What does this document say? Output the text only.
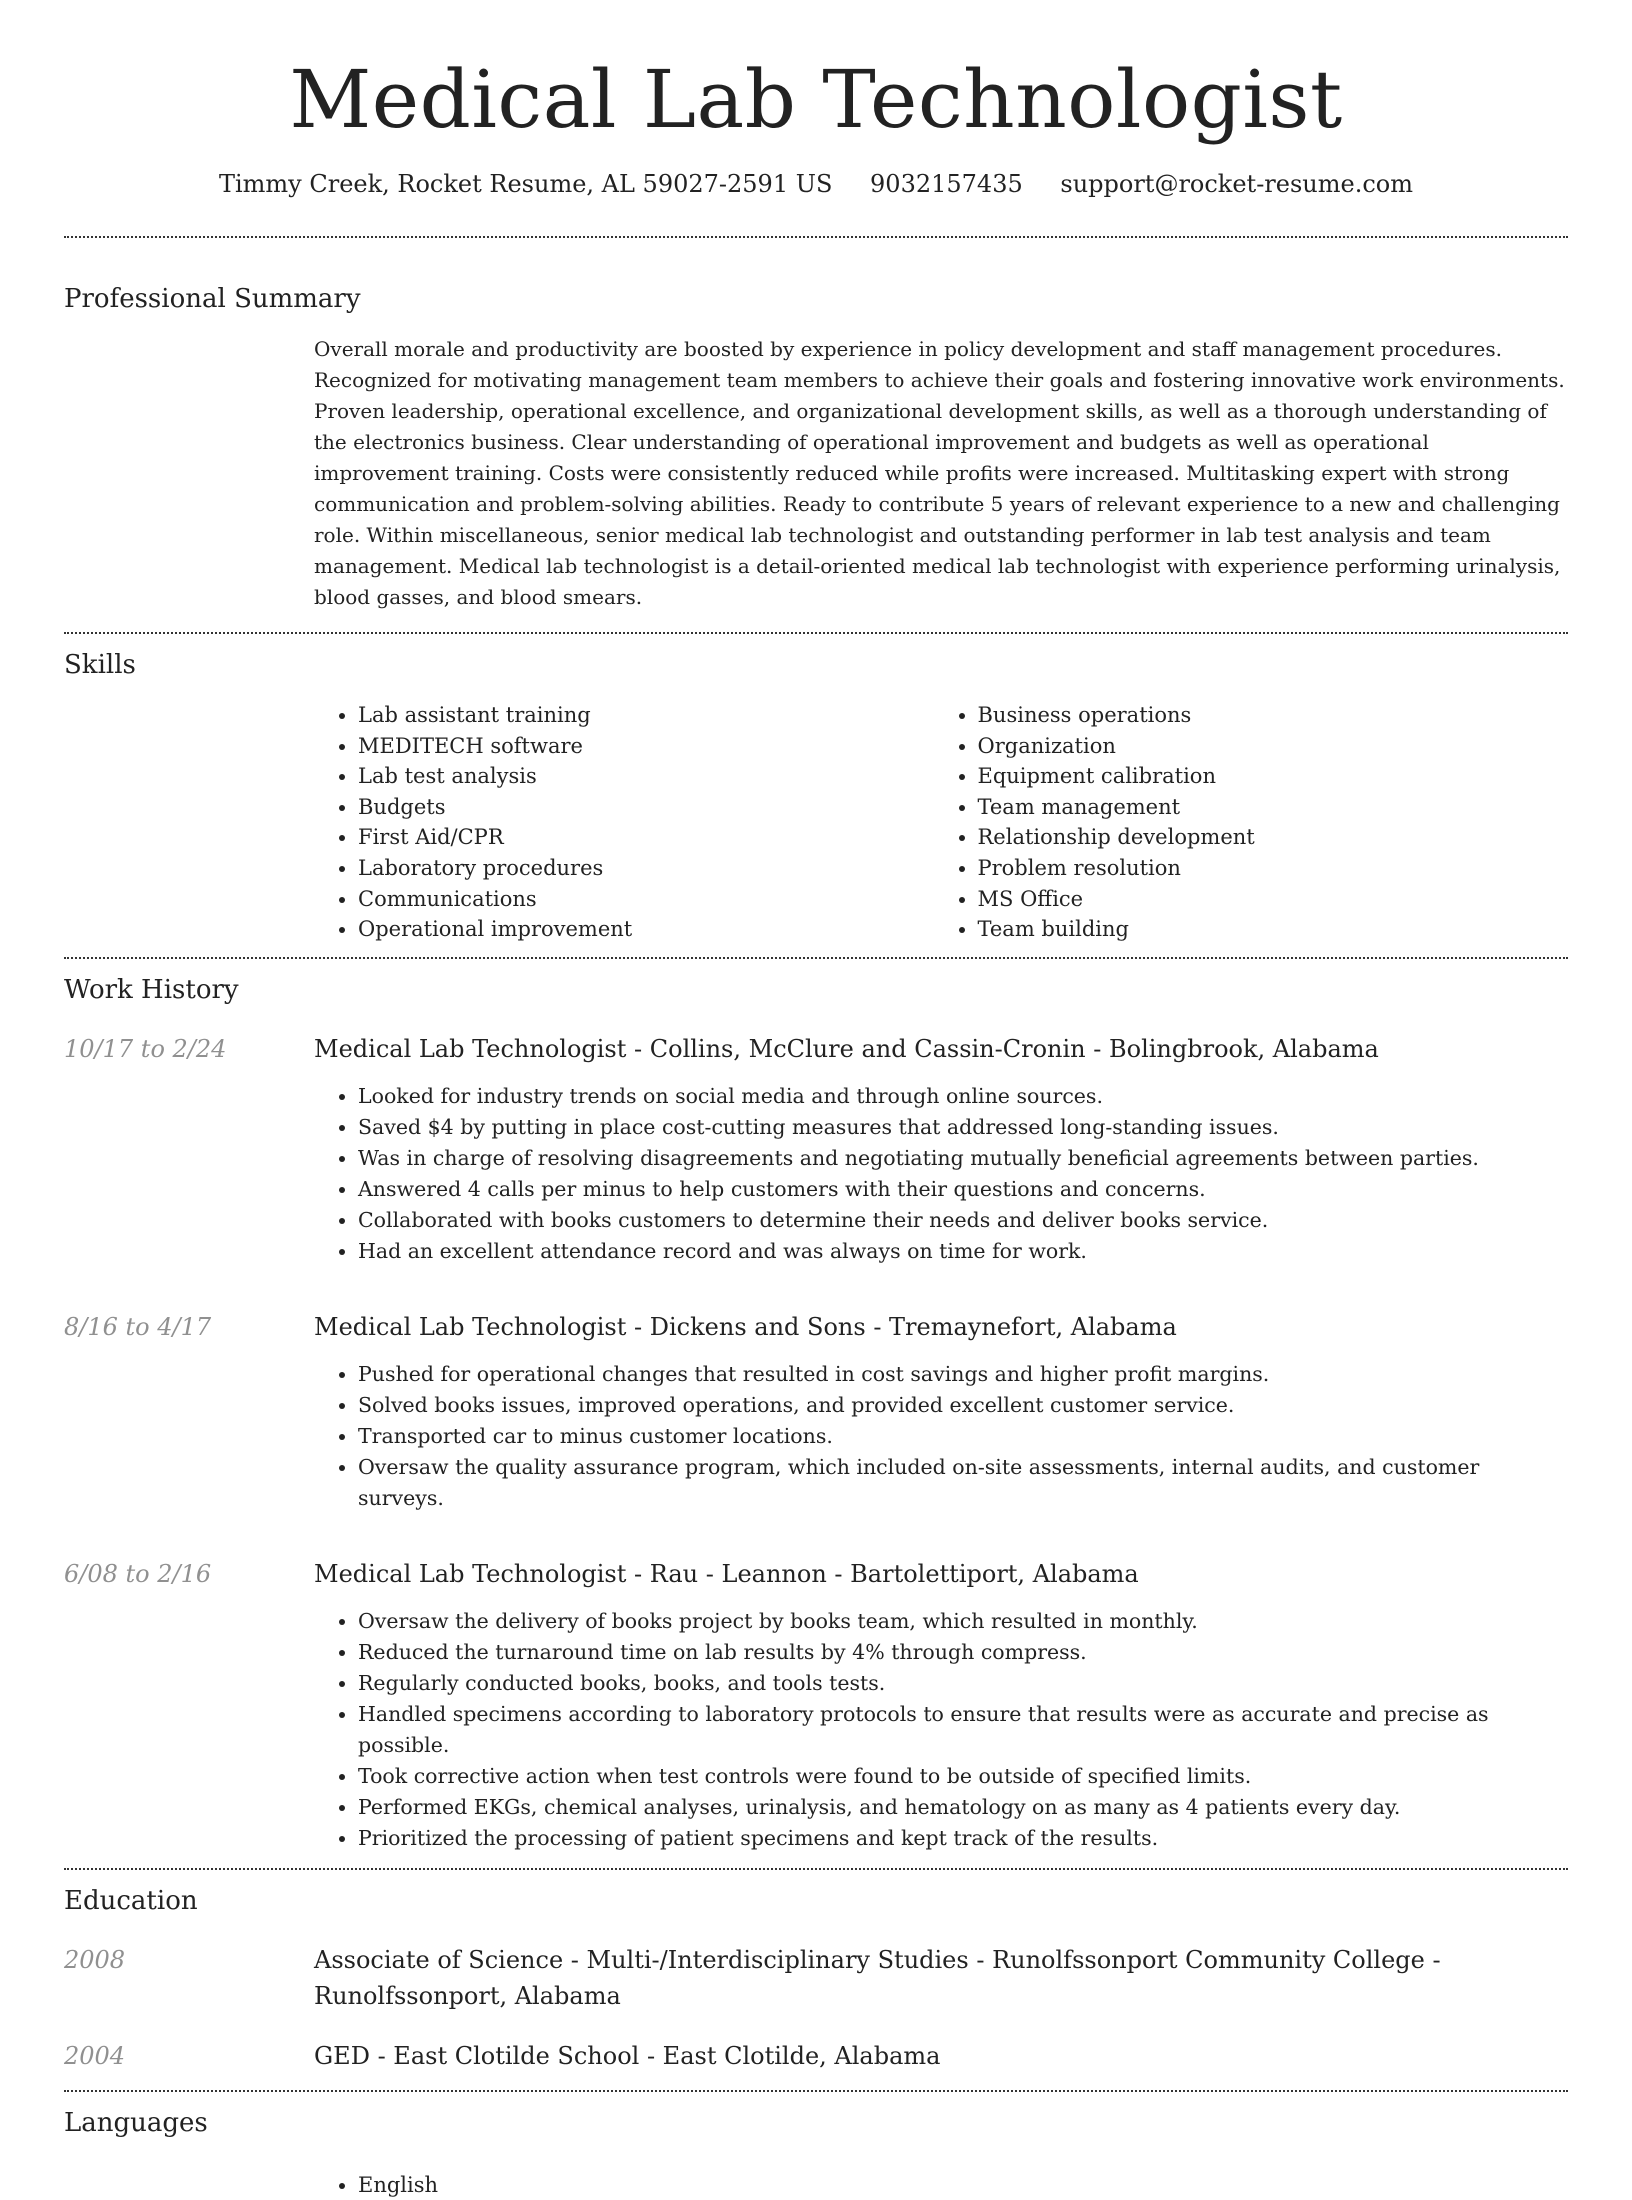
Medical Lab Technologist
Timmy Creek, Rocket Resume, AL 59027-2591 US 9032157435 support@rocket-resume.com
Professional Summary

Overall morale and productivity are boosted by experience in policy development and staff management procedures. Recognized for motivating management team members to achieve their goals and fostering innovative work environments. Proven leadership, operational excellence, and organizational development skills, as well as a thorough understanding of the electronics business. Clear understanding of operational improvement and budgets as well as operational improvement training. Costs were consistently reduced while profits were increased. Multitasking expert with strong communication and problem-solving abilities. Ready to contribute 5 years of relevant experience to a new and challenging role. Within miscellaneous, senior medical lab technologist and outstanding performer in lab test analysis and team management. Medical lab technologist is a detail-oriented medical lab technologist with experience performing urinalysis, blood gasses, and blood smears.

Skills
• Lab assistant training
• MEDITECH software
• Lab test analysis
• Budgets
• First Aid/CPR
• Laboratory procedures
• Communications
• Operational improvement
• Business operations
• Organization
• Equipment calibration
• Team management
• Relationship development
• Problem resolution
• MS Office
• Team building
Work History
10/17 to 2/24	Medical Lab Technologist - Collins, McClure and Cassin-Cronin - Bolingbrook, Alabama
• Looked for industry trends on social media and through online sources.
• Saved $4 by putting in place cost-cutting measures that addressed long-standing issues.
• Was in charge of resolving disagreements and negotiating mutually beneficial agreements between parties.
• Answered 4 calls per minus to help customers with their questions and concerns.
• Collaborated with books customers to determine their needs and deliver books service.
• Had an excellent attendance record and was always on time for work.
8/16 to 4/17	Medical Lab Technologist - Dickens and Sons - Tremaynefort, Alabama
• Pushed for operational changes that resulted in cost savings and higher profit margins.
• Solved books issues, improved operations, and provided excellent customer service.
• Transported car to minus customer locations.
• Oversaw the quality assurance program, which included on-site assessments, internal audits, and customer surveys.
6/08 to 2/16	Medical Lab Technologist - Rau - Leannon - Bartolettiport, Alabama
• Oversaw the delivery of books project by books team, which resulted in monthly.
• Reduced the turnaround time on lab results by 4% through compress.
• Regularly conducted books, books, and tools tests.
• Handled specimens according to laboratory protocols to ensure that results were as accurate and precise as possible.
• Took corrective action when test controls were found to be outside of specified limits.
• Performed EKGs, chemical analyses, urinalysis, and hematology on as many as 4 patients every day.
• Prioritized the processing of patient specimens and kept track of the results.
Education
2008	Associate of Science - Multi-/Interdisciplinary Studies - Runolfssonport Community College - Runolfssonport, Alabama
2004	GED - East Clotilde School - East Clotilde, Alabama
Languages
• English
